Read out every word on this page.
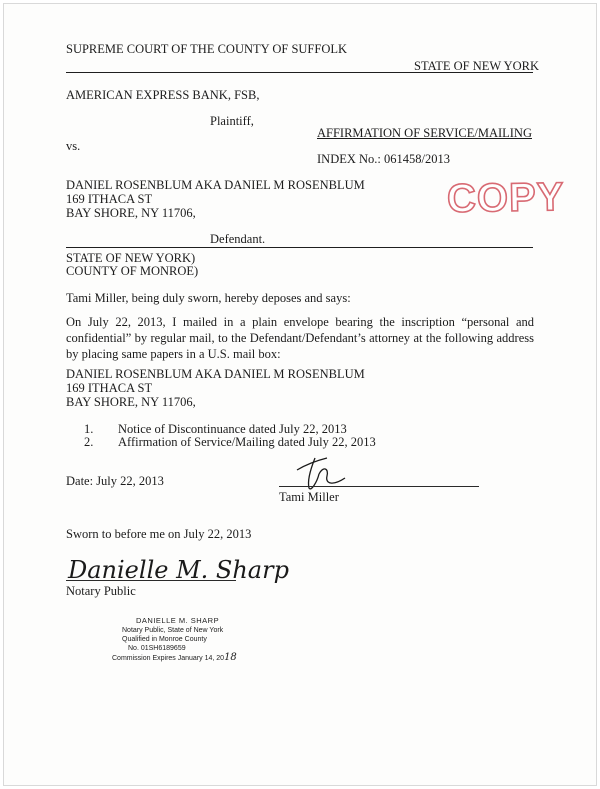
SUPREME COURT OF THE COUNTY OF SUFFOLK
STATE OF NEW YORK
AMERICAN EXPRESS BANK, FSB,
Plaintiff,
AFFIRMATION OF SERVICE/MAILING
vs.
INDEX No.: 061458/2013
DANIEL ROSENBLUM AKA DANIEL M ROSENBLUM
169 ITHACA ST
BAY SHORE, NY 11706,	COPY
Defendant.
STATE OF NEW YORK)
COUNTY OF MONROE)
Tami Miller, being duly sworn, hereby deposes and says:
On July 22, 2013, I mailed in a plain envelope bearing the inscription “personal and confidential” by regular mail, to the Defendant/Defendant’s attorney at the following address by placing same papers in a U.S. mail box:
DANIEL ROSENBLUM AKA DANIEL M ROSENBLUM
169 ITHACA ST
BAY SHORE, NY 11706,
1. Notice of Discontinuance dated July 22, 2013
2. Affirmation of Service/Mailing dated July 22, 2013
Date: July 22, 2013
Tami Miller
Sworn to before me on July 22, 2013
Danielle M. Sharp
Notary Public
DANIELLE M. SHARP
Notary Public, State of New York
Qualified in Monroe County
No. 01SH6189659
Commission Expires January 14, 2018
